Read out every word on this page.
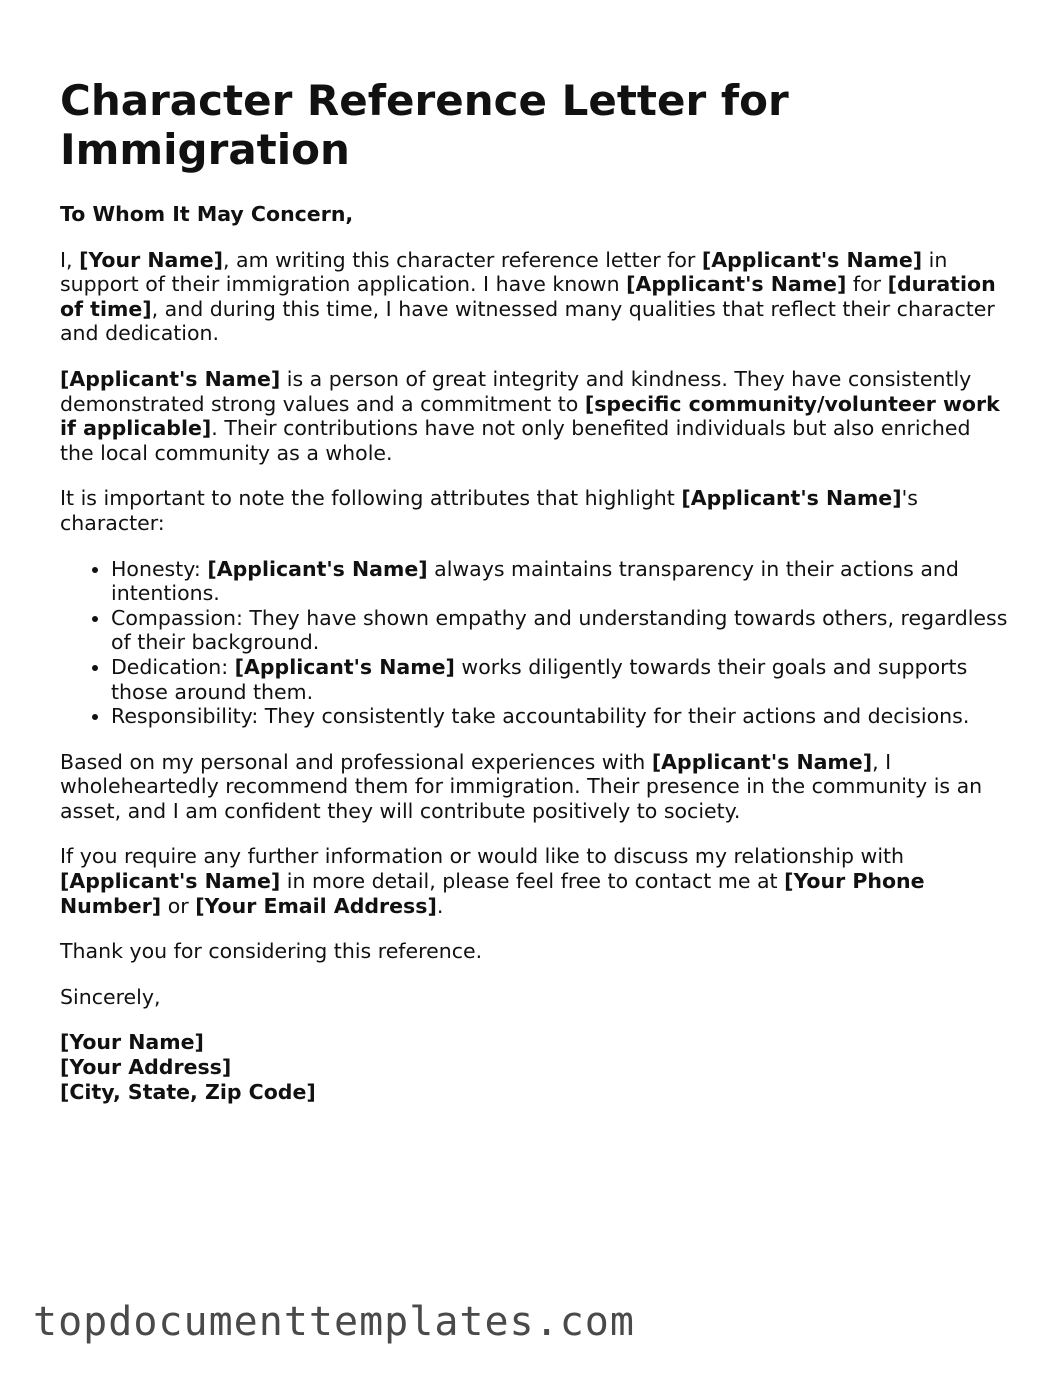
Character Reference Letter for Immigration

To Whom It May Concern,

I, [Your Name], am writing this character reference letter for [Applicant's Name] in support of their immigration application. I have known [Applicant's Name] for [duration of time], and during this time, I have witnessed many qualities that reflect their character and dedication.

[Applicant's Name] is a person of great integrity and kindness. They have consistently demonstrated strong values and a commitment to [specific community/volunteer work if applicable]. Their contributions have not only benefited individuals but also enriched the local community as a whole.

It is important to note the following attributes that highlight [Applicant's Name]'s character:

• Honesty: [Applicant's Name] always maintains transparency in their actions and intentions.
• Compassion: They have shown empathy and understanding towards others, regardless of their background.
• Dedication: [Applicant's Name] works diligently towards their goals and supports those around them.
• Responsibility: They consistently take accountability for their actions and decisions.

Based on my personal and professional experiences with [Applicant's Name], I wholeheartedly recommend them for immigration. Their presence in the community is an asset, and I am confident they will contribute positively to society.

If you require any further information or would like to discuss my relationship with [Applicant's Name] in more detail, please feel free to contact me at [Your Phone Number] or [Your Email Address].

Thank you for considering this reference.

Sincerely,

[Your Name]
[Your Address]
[City, State, Zip Code]

topdocumenttemplates.com
